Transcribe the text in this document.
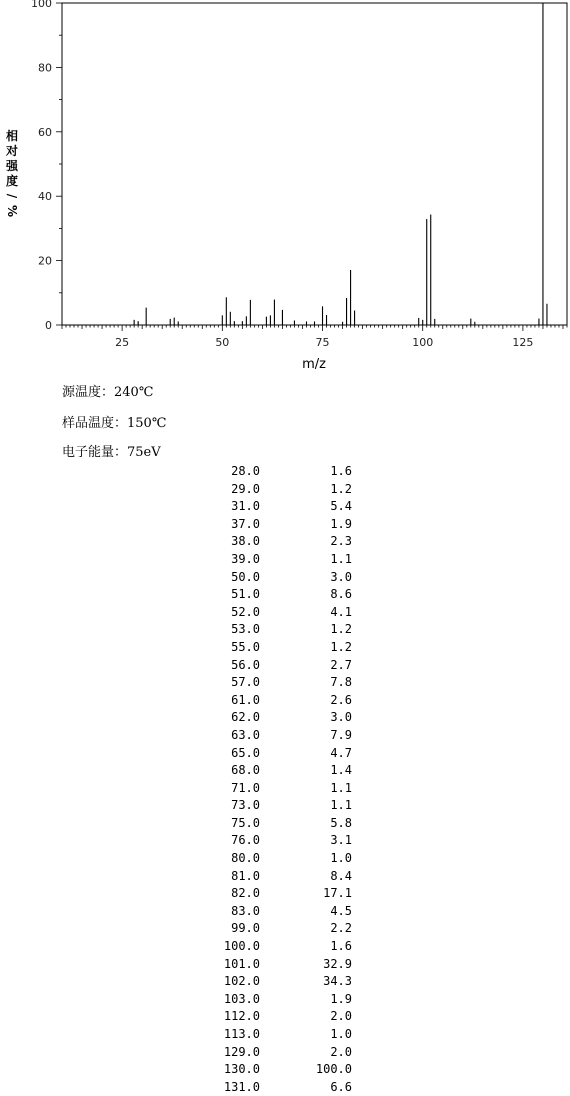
25	50	75	100	125
0
20
40
60
80
100
m/z
相
对
强
度
/
%
源温度：240℃
样品温度：150℃
电子能量：75eV
28.0	1.6
29.0	1.2
31.0	5.4
37.0	1.9
38.0	2.3
39.0	1.1
50.0	3.0
51.0	8.6
52.0	4.1
53.0	1.2
55.0	1.2
56.0	2.7
57.0	7.8
61.0	2.6
62.0	3.0
63.0	7.9
65.0	4.7
68.0	1.4
71.0	1.1
73.0	1.1
75.0	5.8
76.0	3.1
80.0	1.0
81.0	8.4
82.0	17.1
83.0	4.5
99.0	2.2
100.0	1.6
101.0	32.9
102.0	34.3
103.0	1.9
112.0	2.0
113.0	1.0
129.0	2.0
130.0	100.0
131.0	6.6
